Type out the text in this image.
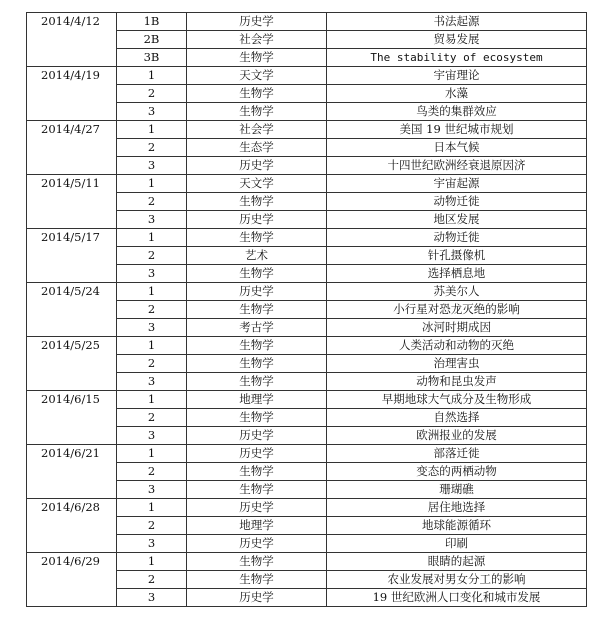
2014/4/12	1B	历史学	书法起源
	2B	社会学	贸易发展
	3B	生物学	The stability of ecosystem
2014/4/19	1	天文学	宇宙理论
	2	生物学	水藻
	3	生物学	鸟类的集群效应
2014/4/27	1	社会学	美国 19 世纪城市规划
	2	生态学	日本气候
	3	历史学	十四世纪欧洲经衰退原因济
2014/5/11	1	天文学	宇宙起源
	2	生物学	动物迁徙
	3	历史学	地区发展
2014/5/17	1	生物学	动物迁徙
	2	艺术	针孔摄像机
	3	生物学	选择栖息地
2014/5/24	1	历史学	苏美尔人
	2	生物学	小行星对恐龙灭绝的影响
	3	考古学	冰河时期成因
2014/5/25	1	生物学	人类活动和动物的灭绝
	2	生物学	治理害虫
	3	生物学	动物和昆虫发声
2014/6/15	1	地理学	早期地球大气成分及生物形成
	2	生物学	自然选择
	3	历史学	欧洲报业的发展
2014/6/21	1	历史学	部落迁徙
	2	生物学	变态的两栖动物
	3	生物学	珊瑚礁
2014/6/28	1	历史学	居住地选择
	2	地理学	地球能源循环
	3	历史学	印刷
2014/6/29	1	生物学	眼睛的起源
	2	生物学	农业发展对男女分工的影响
	3	历史学	19 世纪欧洲人口变化和城市发展
